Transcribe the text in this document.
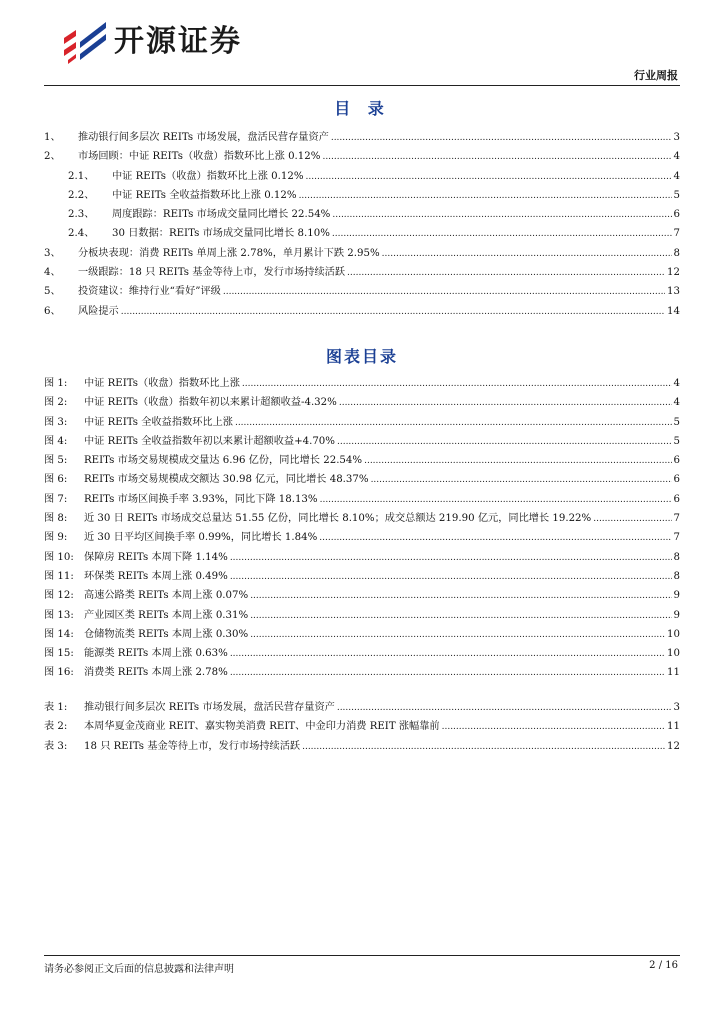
开源证券
行业周报
目 录
1、	推动银行间多层次 REITs 市场发展，盘活民营存量资产 .....	3
2、	市场回顾：中证 REITs（收盘）指数环比上涨 0.12% .....	4
2.1、	中证 REITs（收盘）指数环比上涨 0.12% .....	4
2.2、	中证 REITs 全收益指数环比上涨 0.12% .....	5
2.3、	周度跟踪：REITs 市场成交量同比增长 22.54% .....	6
2.4、	30 日数据：REITs 市场成交量同比增长 8.10% .....	7
3、	分板块表现：消费 REITs 单周上涨 2.78%，单月累计下跌 2.95% .....	8
4、	一级跟踪：18 只 REITs 基金等待上市，发行市场持续活跃 .....	12
5、	投资建议：维持行业“看好”评级 .....	13
6、	风险提示 .....	14
图表目录
图 1:	中证 REITs（收盘）指数环比上涨 .....	4
图 2:	中证 REITs（收盘）指数年初以来累计超额收益-4.32% .....	4
图 3:	中证 REITs 全收益指数环比上涨 .....	5
图 4:	中证 REITs 全收益指数年初以来累计超额收益+4.70% .....	5
图 5:	REITs 市场交易规模成交量达 6.96 亿份，同比增长 22.54% .....	6
图 6:	REITs 市场交易规模成交额达 30.98 亿元，同比增长 48.37% .....	6
图 7:	REITs 市场区间换手率 3.93%，同比下降 18.13% .....	6
图 8:	近 30 日 REITs 市场成交总量达 51.55 亿份，同比增长 8.10%；成交总额达 219.90 亿元，同比增长 19.22% .....	7
图 9:	近 30 日平均区间换手率 0.99%，同比增长 1.84% .....	7
图 10: 保障房 REITs 本周下降 1.14% .....	8
图 11: 环保类 REITs 本周上涨 0.49% .....	8
图 12: 高速公路类 REITs 本周上涨 0.07% .....	9
图 13: 产业园区类 REITs 本周上涨 0.31% .....	9
图 14: 仓储物流类 REITs 本周上涨 0.30% .....	10
图 15: 能源类 REITs 本周上涨 0.63% .....	10
图 16: 消费类 REITs 本周上涨 2.78% .....	11
表 1:	推动银行间多层次 REITs 市场发展，盘活民营存量资产 .....	3
表 2:	本周华夏金茂商业 REIT、嘉实物美消费 REIT、中金印力消费 REIT 涨幅靠前 .....	11
表 3:	18 只 REITs 基金等待上市，发行市场持续活跃 .....	12
请务必参阅正文后面的信息披露和法律声明	2 / 16
